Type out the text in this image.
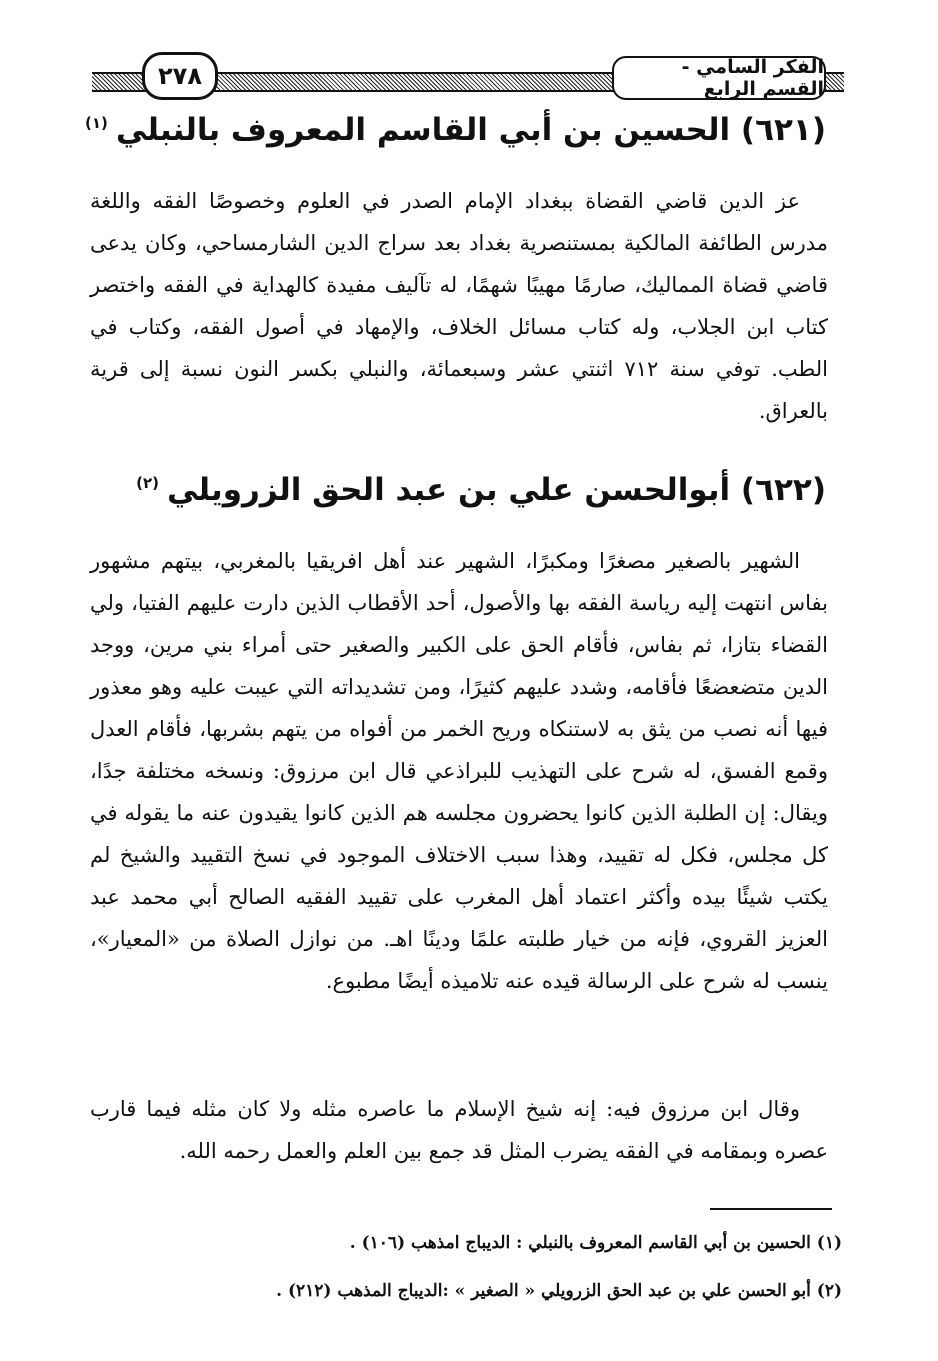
الفكر السامي - القسم الرابع
٢٧٨
(٦٢١) الحسين بن أبي القاسم المعروف بالنبلي
(١)
عز الدين قاضي القضاة ببغداد الإمام الصدر في العلوم وخصوصًا الفقه واللغة مدرس الطائفة المالكية بمستنصرية بغداد بعد سراج الدين الشارمساحي، وكان يدعى قاضي قضاة المماليك، صارمًا مهيبًا شهمًا، له تآليف مفيدة كالهداية في الفقه واختصر كتاب ابن الجلاب، وله كتاب مسائل الخلاف، والإمهاد في أصول الفقه، وكتاب في الطب. توفي سنة ٧١٢ اثنتي عشر وسبعمائة، والنبلي بكسر النون نسبة إلى قرية بالعراق.
(٦٢٢) أبوالحسن علي بن عبد الحق الزرويلي
(٢)
الشهير بالصغير مصغرًا ومكبرًا، الشهير عند أهل افريقيا بالمغربي، بيتهم مشهور بفاس انتهت إليه رياسة الفقه بها والأصول، أحد الأقطاب الذين دارت عليهم الفتيا، ولي القضاء بتازا، ثم بفاس، فأقام الحق على الكبير والصغير حتى أمراء بني مرين، ووجد الدين متضعضعًا فأقامه، وشدد عليهم كثيرًا، ومن تشديداته التي عيبت عليه وهو معذور فيها أنه نصب من يثق به لاستنكاه وريح الخمر من أفواه من يتهم بشربها، فأقام العدل وقمع الفسق، له شرح على التهذيب للبراذعي قال ابن مرزوق: ونسخه مختلفة جدًا، ويقال: إن الطلبة الذين كانوا يحضرون مجلسه هم الذين كانوا يقيدون عنه ما يقوله في كل مجلس، فكل له تقييد، وهذا سبب الاختلاف الموجود في نسخ التقييد والشيخ لم يكتب شيئًا بيده وأكثر اعتماد أهل المغرب على تقييد الفقيه الصالح أبي محمد عبد العزيز القروي، فإنه من خيار طلبته علمًا ودينًا اهـ. من نوازل الصلاة من «المعيار»، ينسب له شرح على الرسالة قيده عنه تلاميذه أيضًا مطبوع.
وقال ابن مرزوق فيه: إنه شيخ الإسلام ما عاصره مثله ولا كان مثله فيما قارب عصره وبمقامه في الفقه يضرب المثل قد جمع بين العلم والعمل رحمه الله.
(١) الحسين بن أبي القاسم المعروف بالنبلي : الديباج امذهب (١٠٦) .
(٢) أبو الحسن علي بن عبد الحق الزرويلي « الصغير » :الديباج المذهب (٢١٢) .
